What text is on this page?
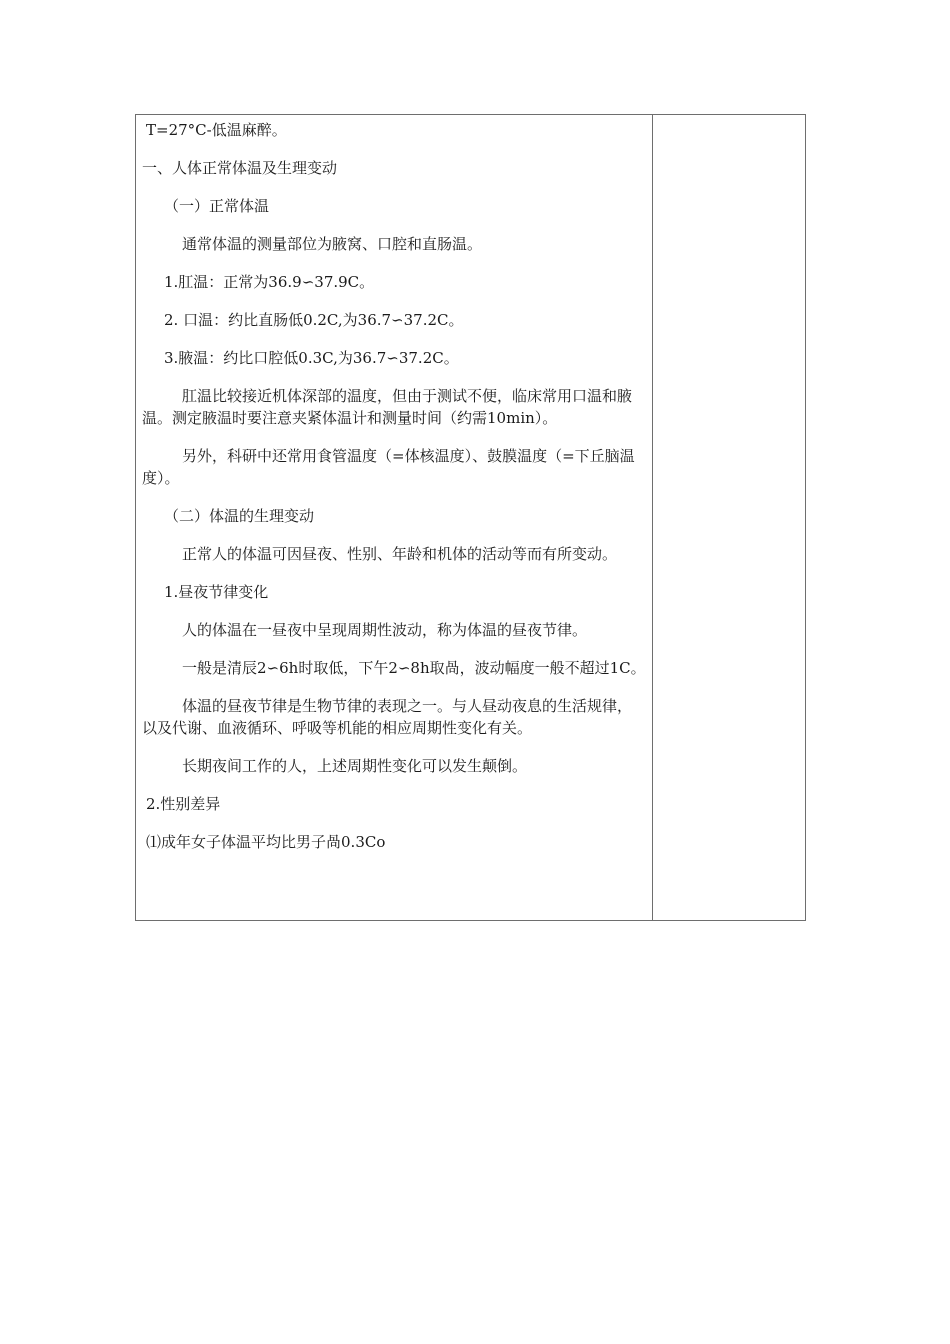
T=27°C-低温麻醉。
一、人体正常体温及生理变动
（一）正常体温
通常体温的测量部位为腋窝、口腔和直肠温。
1.肛温：正常为36.9∽37.9C。
2. 口温：约比直肠低0.2C,为36.7∽37.2C。
3.腋温：约比口腔低0.3C,为36.7∽37.2C。
肛温比较接近机体深部的温度，但由于测试不便，临床常用口温和腋温。测定腋温时要注意夹紧体温计和测量时间（约需10min）。
另外，科研中还常用食管温度（=体核温度）、鼓膜温度（=下丘脑温度）。
（二）体温的生理变动
正常人的体温可因昼夜、性别、年龄和机体的活动等而有所变动。
1.昼夜节律变化
人的体温在一昼夜中呈现周期性波动，称为体温的昼夜节律。
一般是清辰2∽6h时取低，下午2∽8h取咼，波动幅度一般不超过1C。
体温的昼夜节律是生物节律的表现之一。与人昼动夜息的生活规律，以及代谢、血液循环、呼吸等机能的相应周期性变化有关。
长期夜间工作的人，上述周期性变化可以发生颠倒。
2.性别差异
⑴成年女子体温平均比男子咼0.3Co
